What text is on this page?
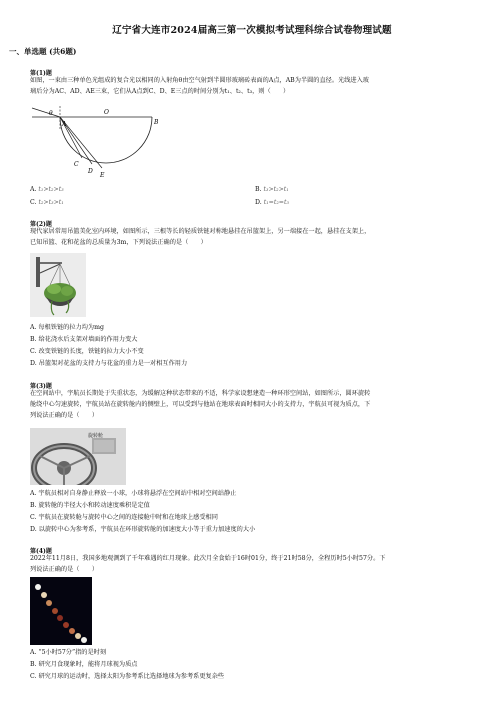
辽宁省大连市2024届高三第一次模拟考试理科综合试卷物理试题
一、单选题 (共6题)
第(1)题
如图，一束由三种单色光组成的复合光以相同的入射角θ由空气射到半圆形玻璃砖表面的A点，AB为半圆的直径。光线进入玻
璃后分为AC、AD、AE三束，它们从A点到C、D、E三点的时间分别为t₁、t₂、t₃，则（　　）
θ
A
O
B
C
D
E
A. t₁>t₂>t₃	B. t₃>t₂>t₁
C. t₂>t₃>t₁	D. t₁=t₂=t₃
第(2)题
现代家居常用吊篮美化室内环境，如图所示，三根等长的轻质铁链对称地悬挂在吊篮架上，另一端接在一起，悬挂在支架上，
已知吊篮、花和花盆的总质量为3m，下列说法正确的是（　　）
A. 每根铁链的拉力均为mg
B. 给花浇水后支架对墙面的作用力变大
C. 改变铁链的长度，铁链的拉力大小不变
D. 吊篮架对花盆的支持力与花盆的重力是一对相互作用力
第(3)题
在空间站中，宇航员长期处于失重状态，为缓解这种状态带来的不适，科学家设想建造一种环形空间站，如图所示，圆环旋转
舱绕中心匀速旋转，宇航员站在旋转舱内的侧壁上，可以受到与他站在地球表面时相同大小的支持力，宇航员可视为质点，下
列说法正确的是（　　）
旋转舱
A. 宇航员相对自身静止释放一小球，小球将悬浮在空间站中相对空间站静止
B. 旋转舱的半径大小和转动速度乘积是定值
C. 宇航员在旋转舱与旋转中心之间的连接舱中时和在地球上感受相同
D. 以旋转中心为参考系，宇航员在环形旋转舱的加速度大小等于重力加速度的大小
第(4)题
2022年11月8日，我国多地观测到了千年难遇的红月现象。此次月全食始于16时01分，终于21时58分，全程历时5小时57分。下
列说法正确的是（　　）
A. “5小时57分”指的是时刻
B. 研究月食现象时，能将月球视为质点
C. 研究月球的运动时，选择太阳为参考系比选择地球为参考系更复杂些
